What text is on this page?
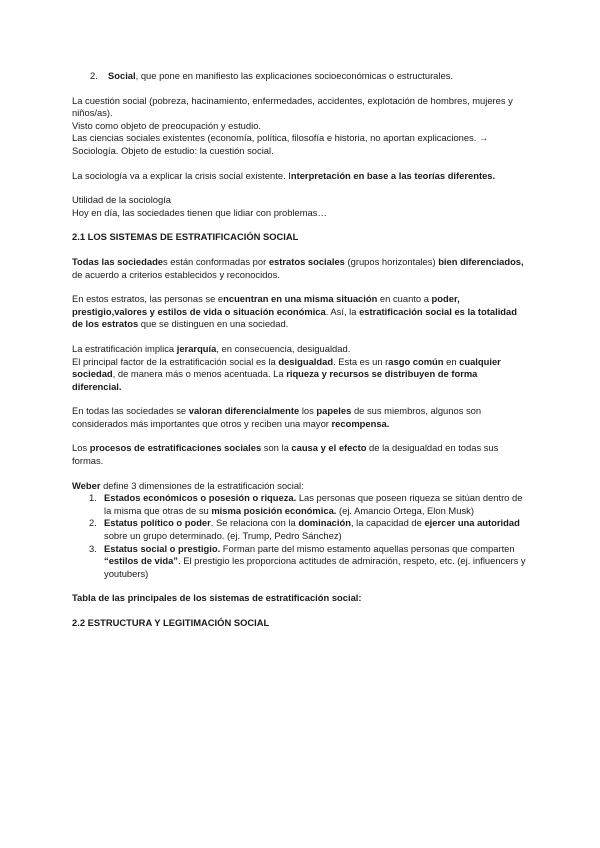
2. Social, que pone en manifiesto las explicaciones socioeconómicas o estructurales.

La cuestión social (pobreza, hacinamiento, enfermedades, accidentes, explotación de hombres, mujeres y niños/as).

Visto como objeto de preocupación y estudio.

Las ciencias sociales existentes (economía, política, filosofía e historia, no aportan explicaciones. → Sociología. Objeto de estudio: la cuestión social.

La sociología va a explicar la crisis social existente. Interpretación en base a las teorías diferentes.

Utilidad de la sociología

Hoy en día, las sociedades tienen que lidiar con problemas…

2.1 LOS SISTEMAS DE ESTRATIFICACIÓN SOCIAL

Todas las sociedades están conformadas por estratos sociales (grupos horizontales) bien diferenciados, de acuerdo a criterios establecidos y reconocidos.

En estos estratos, las personas se encuentran en una misma situación en cuanto a poder, prestigio,valores y estilos de vida o situación económica. Así, la estratificación social es la totalidad de los estratos que se distinguen en una sociedad.

La estratificación implica jerarquía, en consecuencia, desigualdad.

El principal factor de la estratificación social es la desigualdad. Esta es un rasgo común en cualquier sociedad, de manera más o menos acentuada. La riqueza y recursos se distribuyen de forma diferencial.

En todas las sociedades se valoran diferencialmente los papeles de sus miembros, algunos son considerados más importantes que otros y reciben una mayor recompensa.

Los procesos de estratificaciones sociales son la causa y el efecto de la desigualdad en todas sus formas.

Weber define 3 dimensiones de la estratificación social:

1. Estados económicos o posesión o riqueza. Las personas que poseen riqueza se sitúan dentro de la misma que otras de su misma posición económica. (ej. Amancio Ortega, Elon Musk)

2. Estatus político o poder. Se relaciona con la dominación, la capacidad de ejercer una autoridad sobre un grupo determinado. (ej. Trump, Pedro Sánchez)

3. Estatus social o prestigio. Forman parte del mismo estamento aquellas personas que comparten “estilos de vida”. El prestigio les proporciona actitudes de admiración, respeto, etc. (ej. influencers y youtubers)

Tabla de las principales de los sistemas de estratificación social:

2.2 ESTRUCTURA Y LEGITIMACIÓN SOCIAL
